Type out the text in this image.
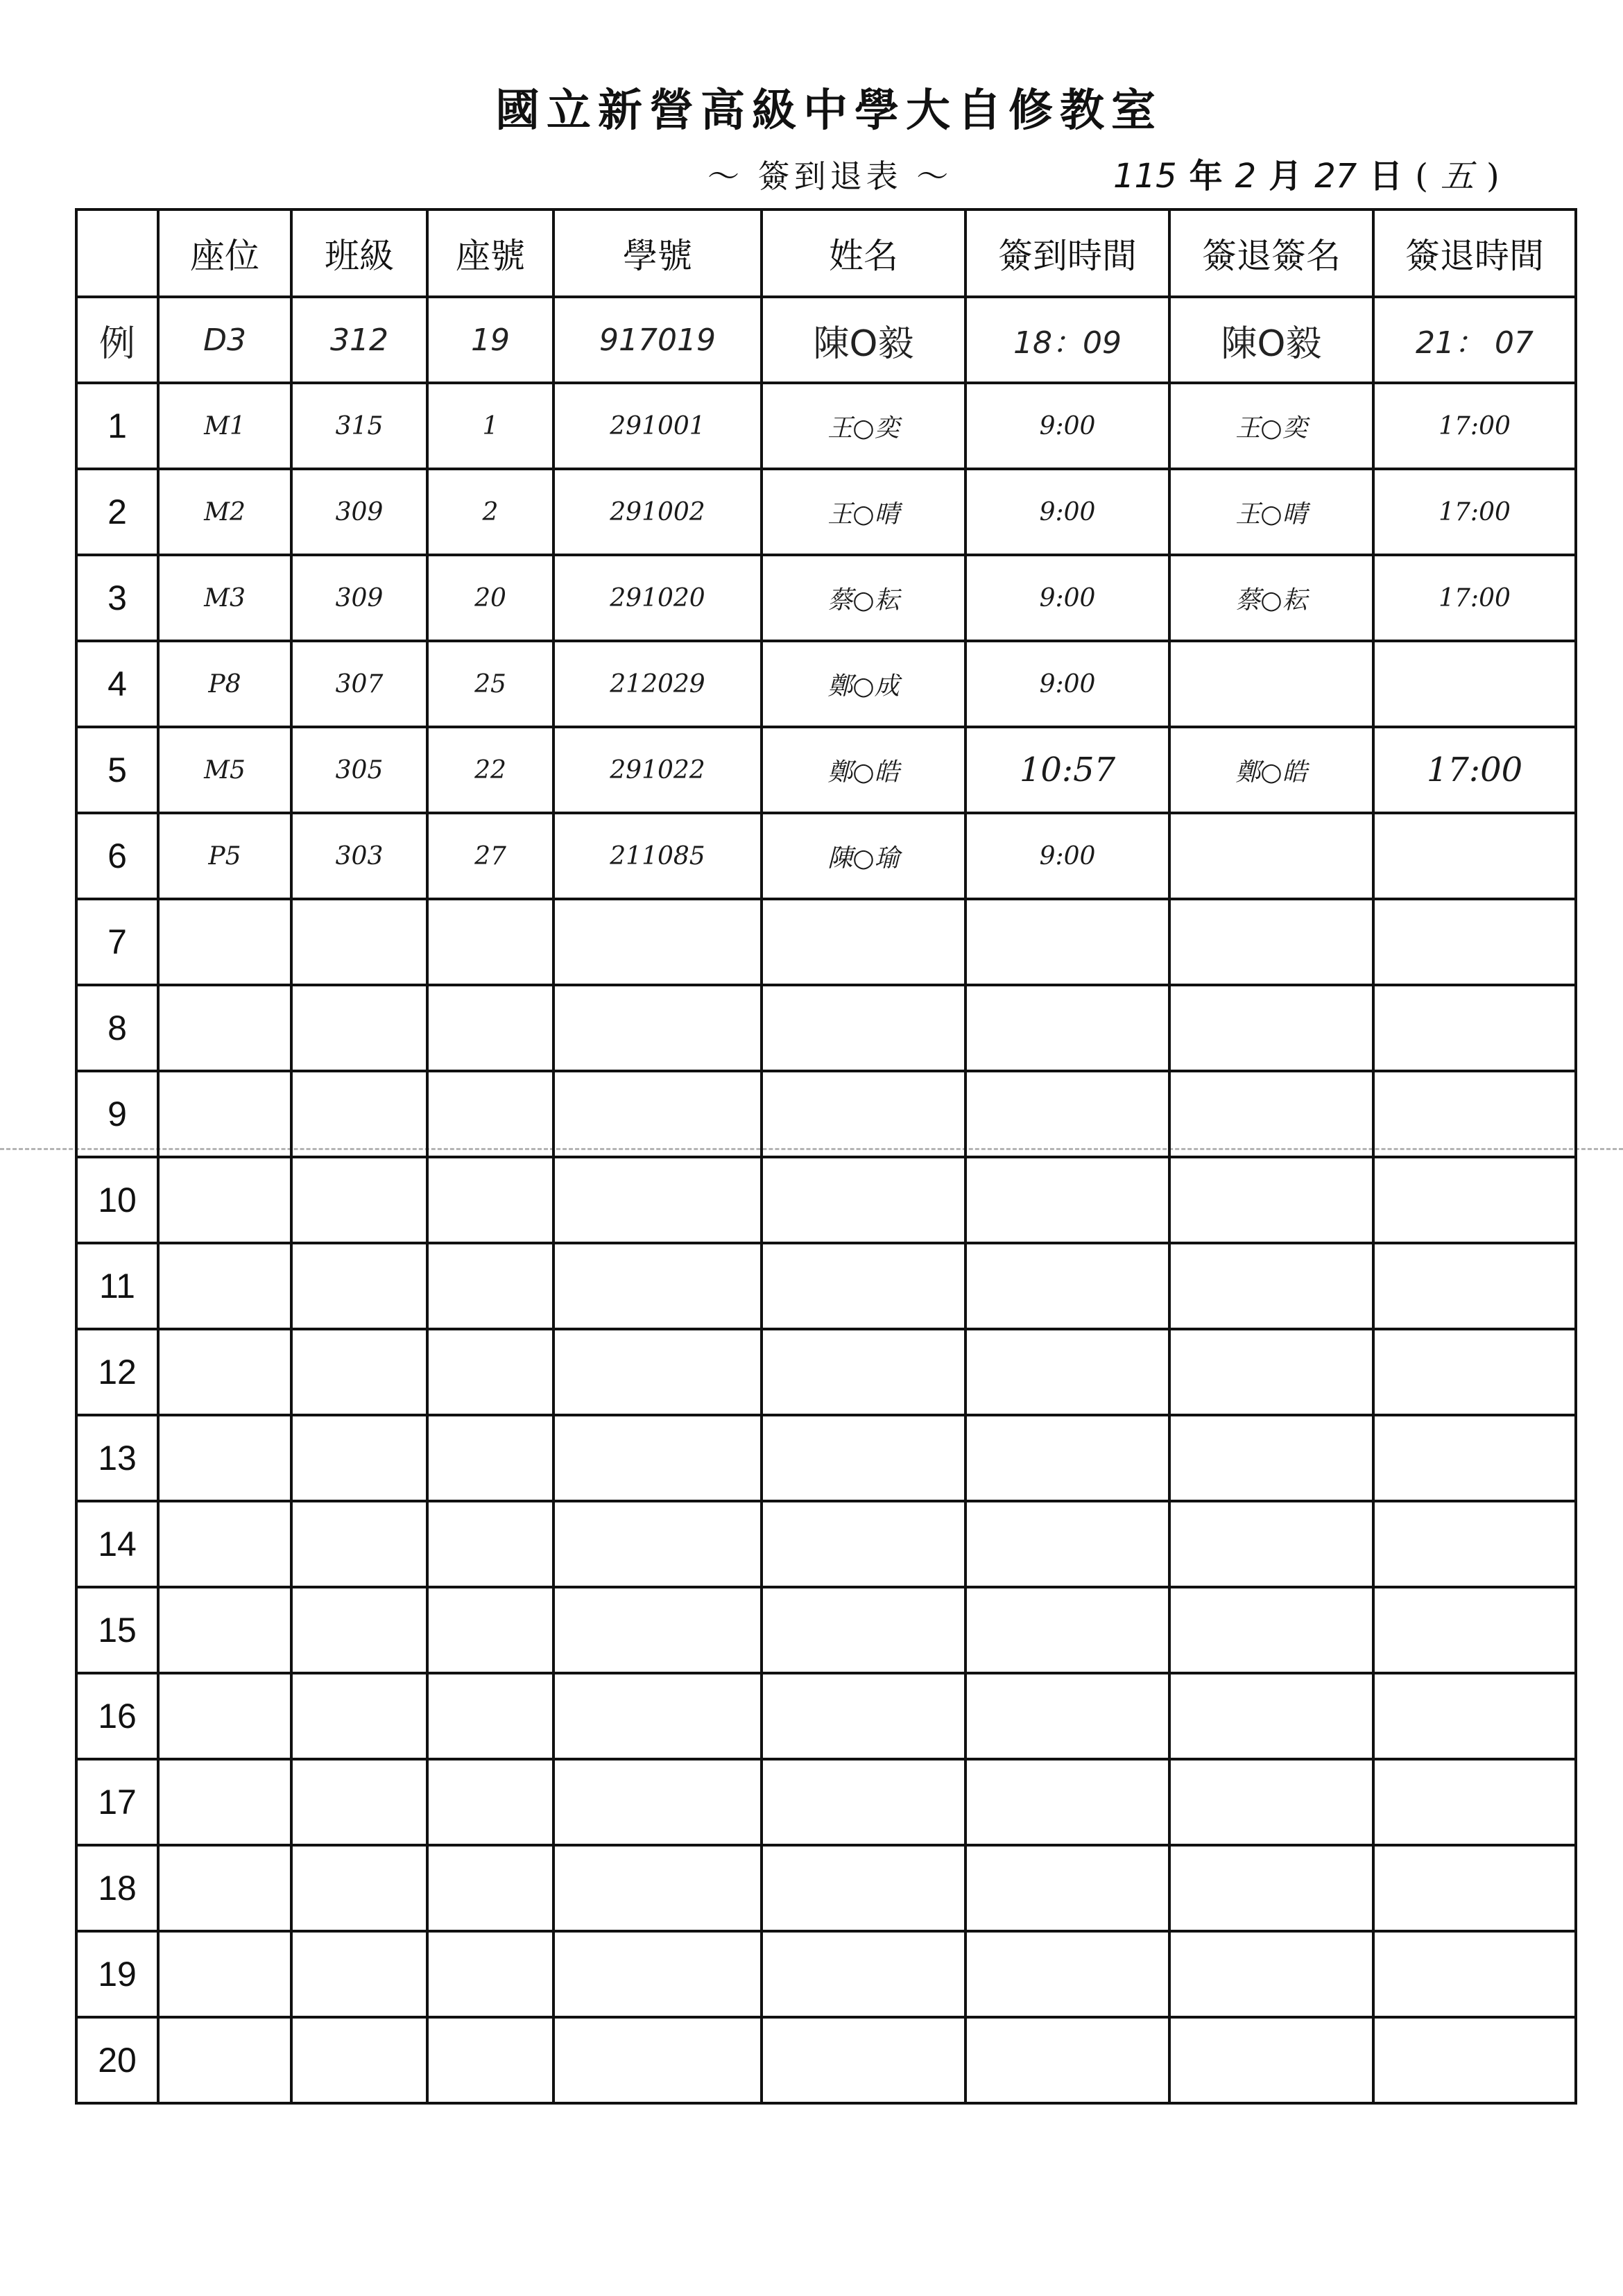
國立新營高級中學大自修教室
～ 簽到退表 ～	115 年 2 月 27 日 ( 五 )
	座位	班級	座號	學號	姓名	簽到時間	簽退簽名	簽退時間
例	D3	312	19	917019	陳O毅	18：09	陳O毅	21： 07
1	M1	315	1	291001	王○奕	9:00	王○奕	17:00
2	M2	309	2	291002	王○晴	9:00	王○晴	17:00
3	M3	309	20	291020	蔡○耘	9:00	蔡○耘	17:00
4	P8	307	25	212029	鄭○成	9:00		
5	M5	305	22	291022	鄭○皓	10:57	鄭○皓	17:00
6	P5	303	27	211085	陳○瑜	9:00		
7								
8								
9								
10								
11								
12								
13								
14								
15								
16								
17								
18								
19								
20								
